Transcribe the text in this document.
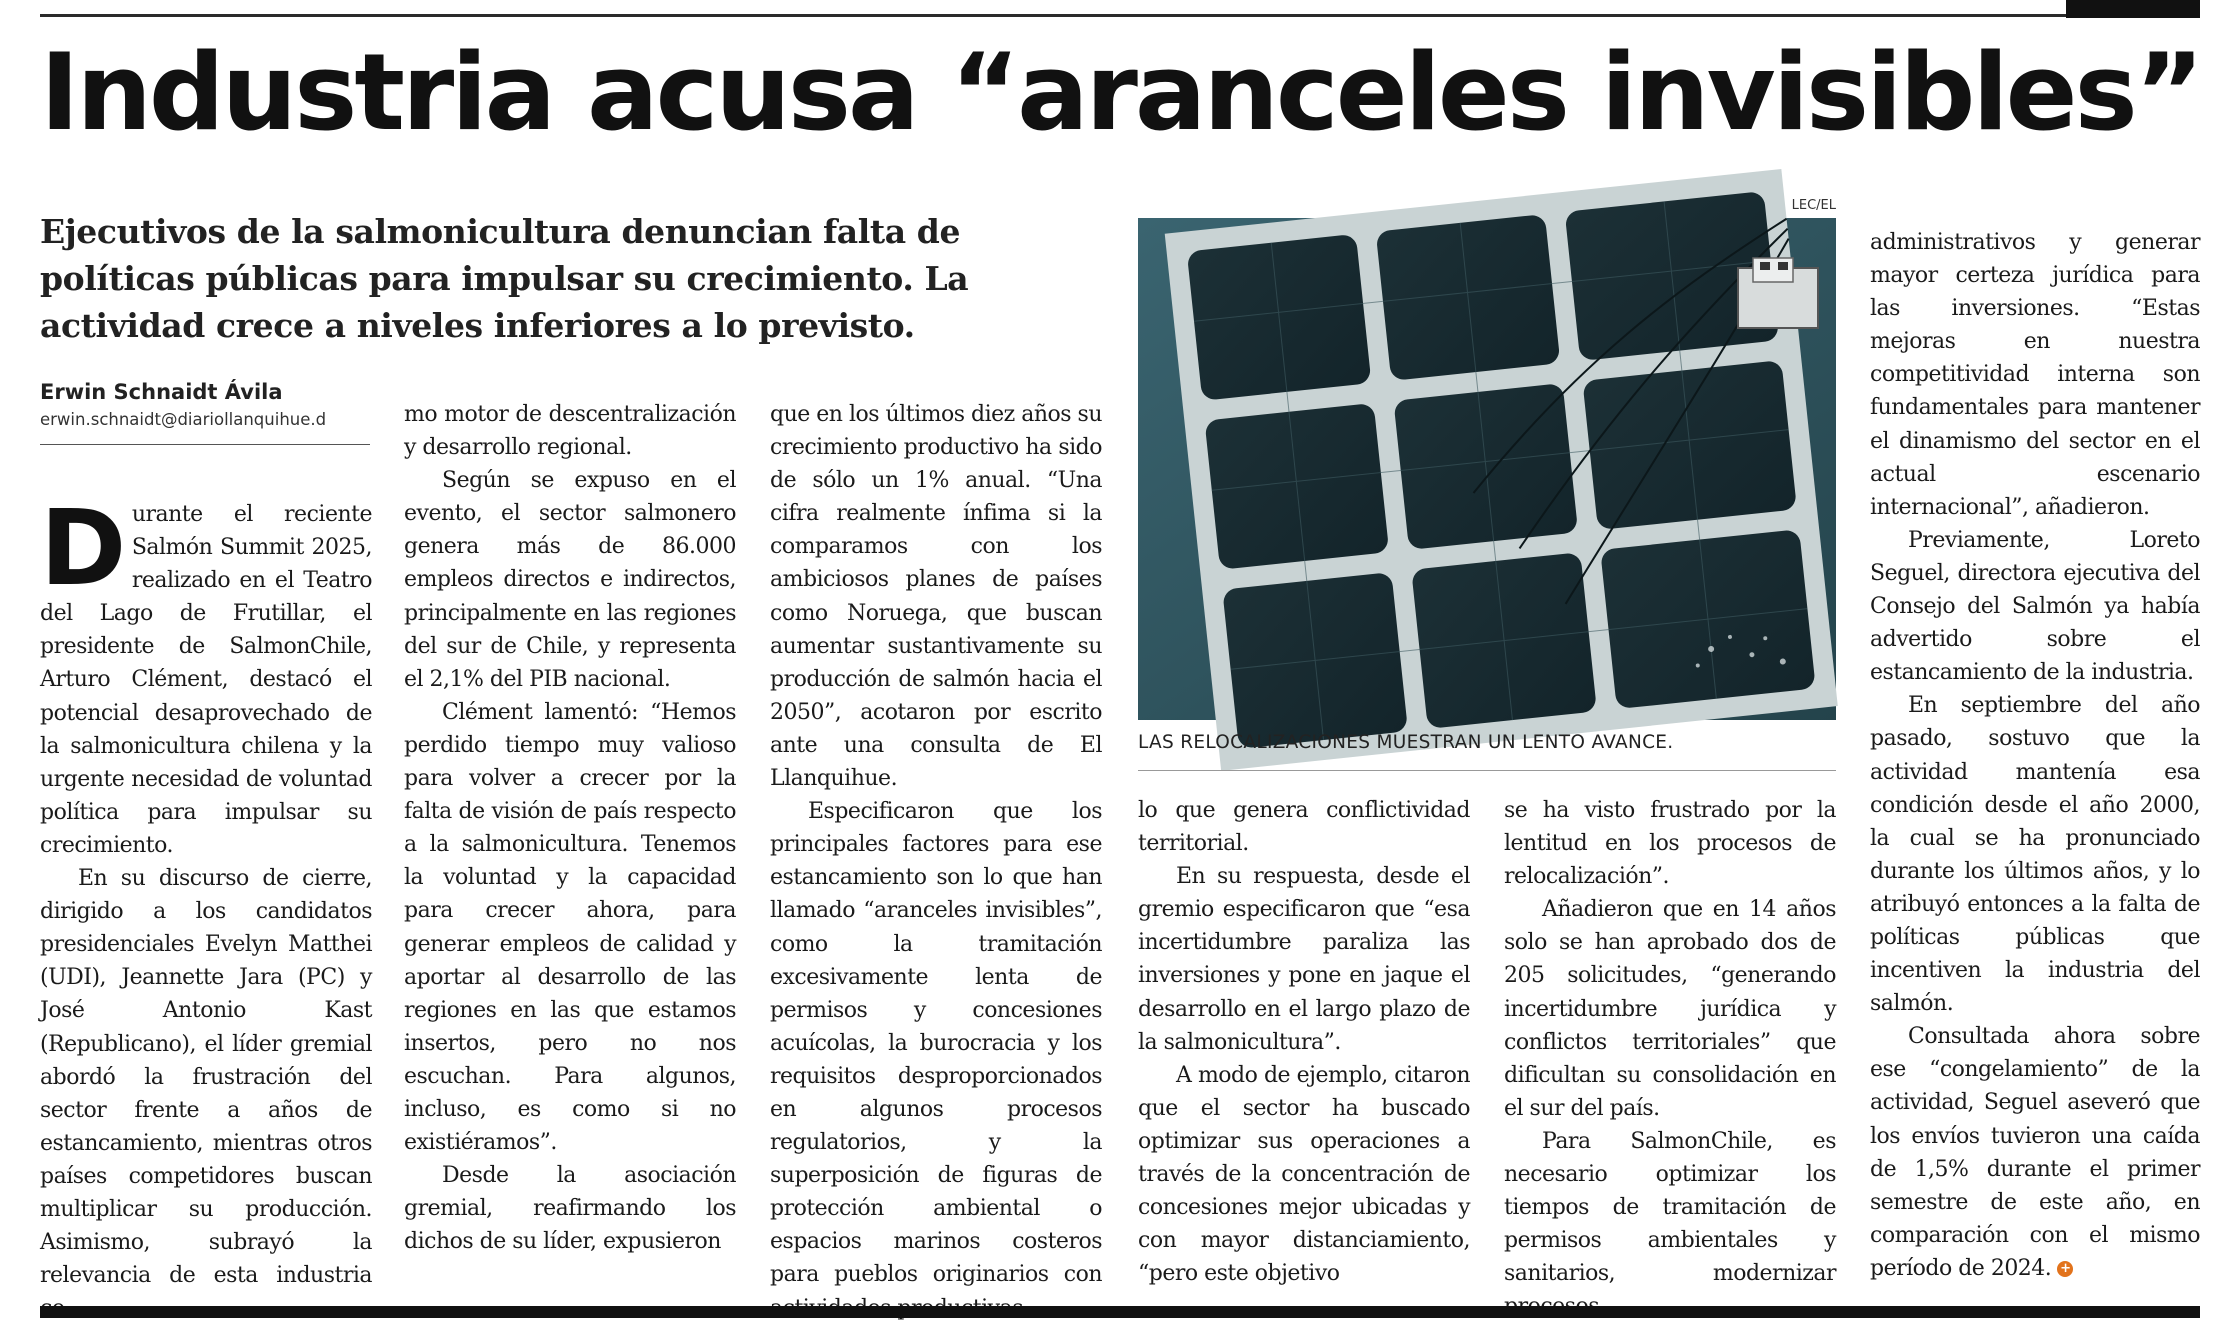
Industria acusa “aranceles invisibles”
Ejecutivos de la salmonicultura denuncian falta de políticas públicas para impulsar su crecimiento. La actividad crece a niveles inferiores a lo previsto.
Erwin Schnaidt Ávila
erwin.schnaidt@diariollanquihue.d

Durante el reciente Salmón Summit 2025, realizado en el Teatro del Lago de Frutillar, el presidente de SalmonChile, Arturo Clément, destacó el potencial desaprovechado de la salmonicultura chilena y la urgente necesidad de voluntad política para impulsar su crecimiento.

En su discurso de cierre, dirigido a los candidatos presidenciales Evelyn Matthei (UDI), Jeannette Jara (PC) y José Antonio Kast (Republicano), el líder gremial abordó la frustración del sector frente a años de estancamiento, mientras otros países competidores buscan multiplicar su producción. Asimismo, subrayó la relevancia de esta industria

mo motor de descentralización y desarrollo regional.

Según se expuso en el evento, el sector salmonero genera más de 86.000 empleos directos e indirectos, principalmente en las regiones del sur de Chile, y representa el 2,1% del PIB nacional.

Clément lamentó: “Hemos perdido tiempo muy valioso para volver a crecer por la falta de visión de país respecto a la salmonicultura. Tenemos la voluntad y la capacidad para crecer ahora, para generar empleos de calidad y aportar al desarrollo de las regiones en las que estamos insertos, pero no nos escuchan. Para algunos, incluso, es como si no existiéramos”.

Desde la asociación gremial, reafirmando los dichos de su líder, expusieron

que en los últimos diez años su crecimiento productivo ha sido de sólo un 1% anual. “Una cifra realmente ínfima si la comparamos con los ambiciosos planes de países como Noruega, que buscan aumentar sustantivamente su producción de salmón hacia el 2050”, acotaron por escrito ante una consulta de El Llanquihue.

Especificaron que los principales factores para ese estancamiento son lo que han llamado “aranceles invisibles”, como la tramitación excesivamente lenta de permisos y concesiones acuícolas, la burocracia y los requisitos desproporcionados en algunos procesos regulatorios, y la superposición de figuras de protección ambiental o espacios marinos costeros para pueblos originarios con

LEC/EL
LAS RELOCALIZACIONES MUESTRAN UN LENTO AVANCE.

lo que genera conflictividad territorial.

En su respuesta, desde el gremio especificaron que “esa incertidumbre paraliza las inversiones y pone en jaque el desarrollo en el largo plazo de la salmonicultura”.

A modo de ejemplo, citaron que el sector ha buscado optimizar sus operaciones a través de la concentración de concesiones mejor ubicadas y con mayor distanciamiento, “pero este objetivo

se ha visto frustrado por la lentitud en los procesos de relocalización”.

Añadieron que en 14 años solo se han aprobado dos de 205 solicitudes, “generando incertidumbre jurídica y conflictos territoriales” que dificultan su consolidación en el sur del país.

Para SalmonChile, es necesario optimizar los tiempos de tramitación de permisos ambientales y sanitarios, modernizar

administrativos y generar mayor certeza jurídica para las inversiones. “Estas mejoras en nuestra competitividad interna son fundamentales para mantener el dinamismo del sector en el actual escenario internacional”, añadieron.

Previamente, Loreto Seguel, directora ejecutiva del Consejo del Salmón ya había advertido sobre el estancamiento de la industria.

En septiembre del año pasado, sostuvo que la actividad mantenía esa condición desde el año 2000, la cual se ha pronunciado durante los últimos años, y lo atribuyó entonces a la falta de políticas públicas que incentiven la industria del salmón.

Consultada ahora sobre ese “congelamiento” de la actividad, Seguel aseveró que los envíos tuvieron una caída de 1,5% durante el primer semestre de este año, en comparación con el mismo período de 2024. +
